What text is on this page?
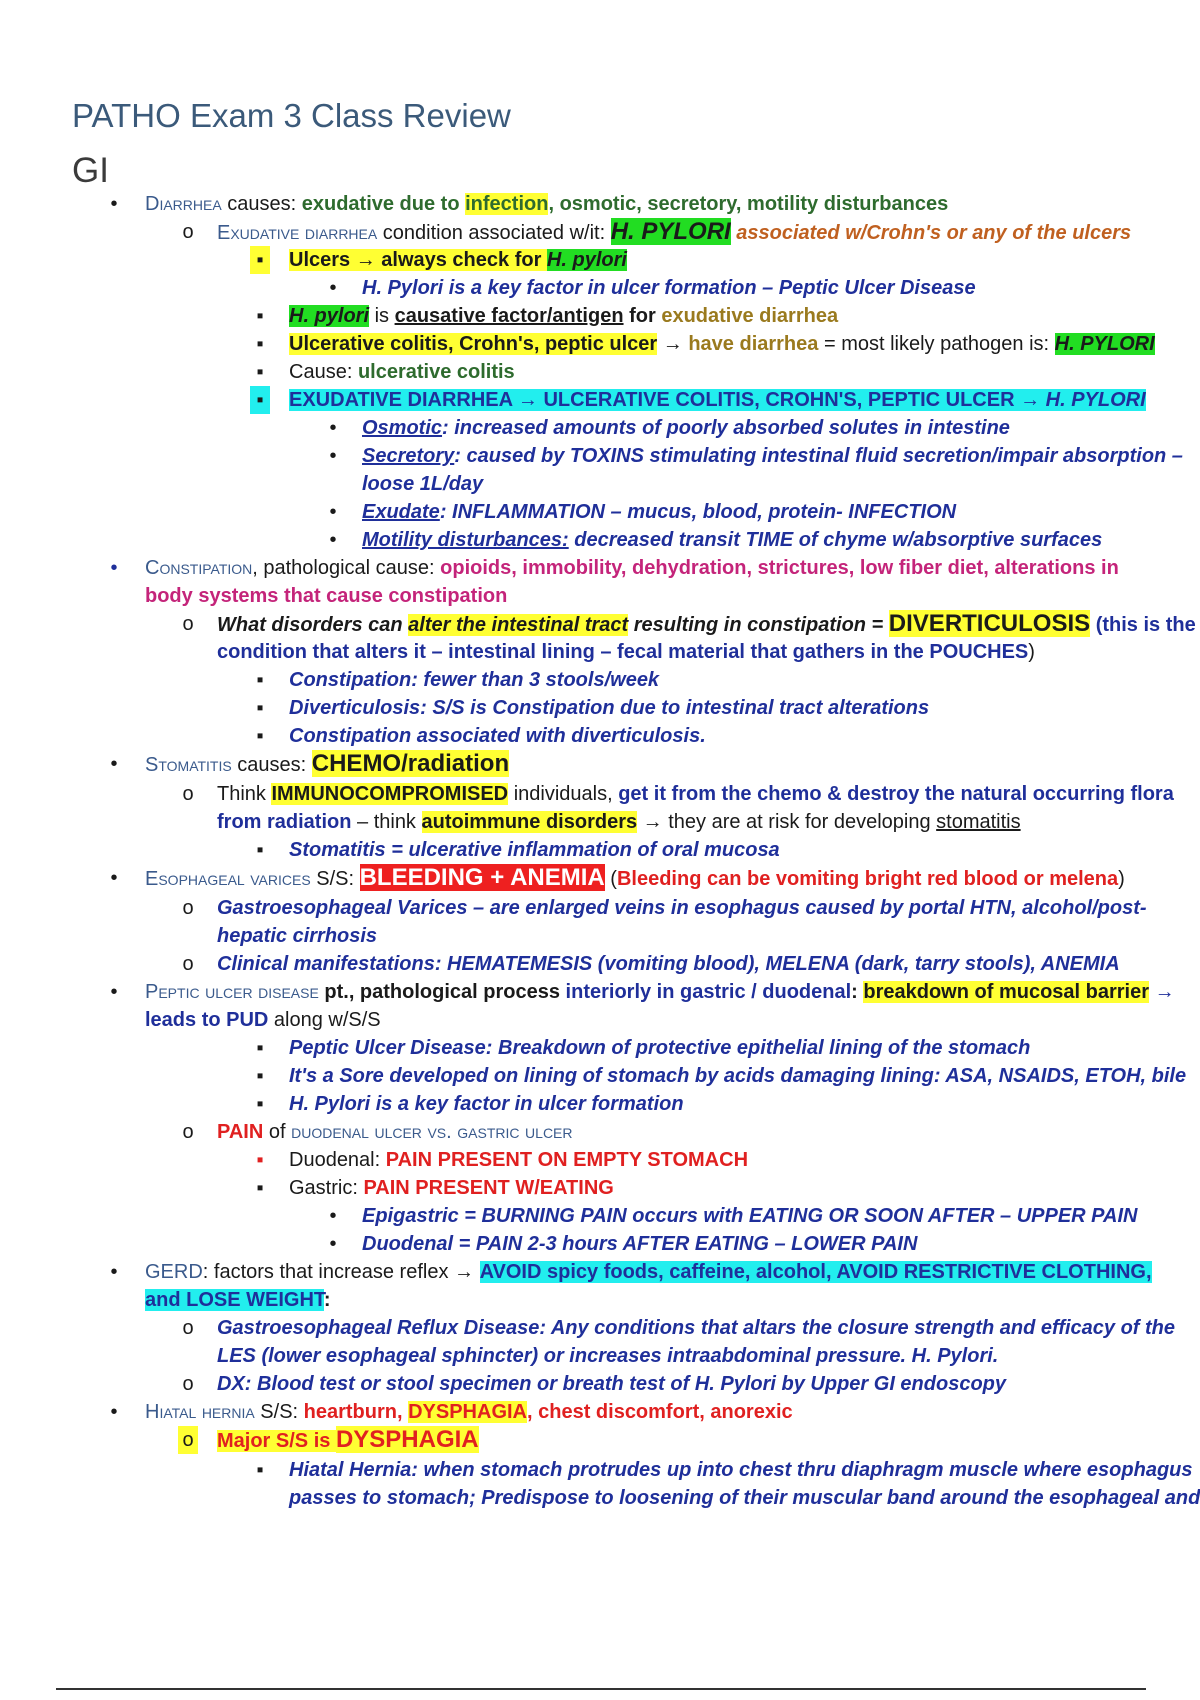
PATHO Exam 3 Class Review
GI
•	Diarrhea causes: exudative due to infection, osmotic, secretory, motility disturbances
o Exudative diarrhea condition associated w/it: H. PYLORI associated w/Crohn's or any of the ulcers
▪	Ulcers → always check for H. pylori
•	H. Pylori is a key factor in ulcer formation – Peptic Ulcer Disease
▪	H. pylori is causative factor/antigen for exudative diarrhea
▪	Ulcerative colitis, Crohn's, peptic ulcer → have diarrhea = most likely pathogen is: H. PYLORI
▪	Cause: ulcerative colitis
▪	EXUDATIVE DIARRHEA → ULCERATIVE COLITIS, CROHN'S, PEPTIC ULCER → H. PYLORI
•	Osmotic: increased amounts of poorly absorbed solutes in intestine
•	Secretory: caused by TOXINS stimulating intestinal fluid secretion/impair absorption –
loose 1L/day
•	Exudate: INFLAMMATION – mucus, blood, protein- INFECTION
•	Motility disturbances: decreased transit TIME of chyme w/absorptive surfaces
•	Constipation, pathological cause: opioids, immobility, dehydration, strictures, low fiber diet, alterations in
body systems that cause constipation
o What disorders can alter the intestinal tract resulting in constipation = DIVERTICULOSIS (this is the
condition that alters it – intestinal lining – fecal material that gathers in the POUCHES)
▪	Constipation: fewer than 3 stools/week
▪	Diverticulosis: S/S is Constipation due to intestinal tract alterations
▪	Constipation associated with diverticulosis.
•	Stomatitis causes: CHEMO/radiation
o Think IMMUNOCOMPROMISED individuals, get it from the chemo & destroy the natural occurring flora
from radiation – think autoimmune disorders → they are at risk for developing stomatitis
▪	Stomatitis = ulcerative inflammation of oral mucosa
•	Esophageal varices S/S: BLEEDING + ANEMIA (Bleeding can be vomiting bright red blood or melena)
o Gastroesophageal Varices – are enlarged veins in esophagus caused by portal HTN, alcohol/post-
hepatic cirrhosis
o Clinical manifestations: HEMATEMESIS (vomiting blood), MELENA (dark, tarry stools), ANEMIA
•	Peptic ulcer disease pt., pathological process interiorly in gastric / duodenal: breakdown of mucosal barrier →
leads to PUD along w/S/S
▪	Peptic Ulcer Disease: Breakdown of protective epithelial lining of the stomach
▪	It's a Sore developed on lining of stomach by acids damaging lining: ASA, NSAIDS, ETOH, bile
▪	H. Pylori is a key factor in ulcer formation
o PAIN of duodenal ulcer vs. gastric ulcer
▪	Duodenal: PAIN PRESENT ON EMPTY STOMACH
▪	Gastric: PAIN PRESENT W/EATING
•	Epigastric = BURNING PAIN occurs with EATING OR SOON AFTER – UPPER PAIN
•	Duodenal = PAIN 2-3 hours AFTER EATING – LOWER PAIN
•	GERD: factors that increase reflex → AVOID spicy foods, caffeine, alcohol, AVOID RESTRICTIVE CLOTHING,
and LOSE WEIGHT:
o Gastroesophageal Reflux Disease: Any conditions that altars the closure strength and efficacy of the
LES (lower esophageal sphincter) or increases intraabdominal pressure. H. Pylori.
o DX: Blood test or stool specimen or breath test of H. Pylori by Upper GI endoscopy
•	Hiatal hernia S/S: heartburn, DYSPHAGIA, chest discomfort, anorexic
o Major S/S is DYSPHAGIA
▪	Hiatal Hernia: when stomach protrudes up into chest thru diaphragm muscle where esophagus
passes to stomach; Predispose to loosening of their muscular band around the esophageal and
